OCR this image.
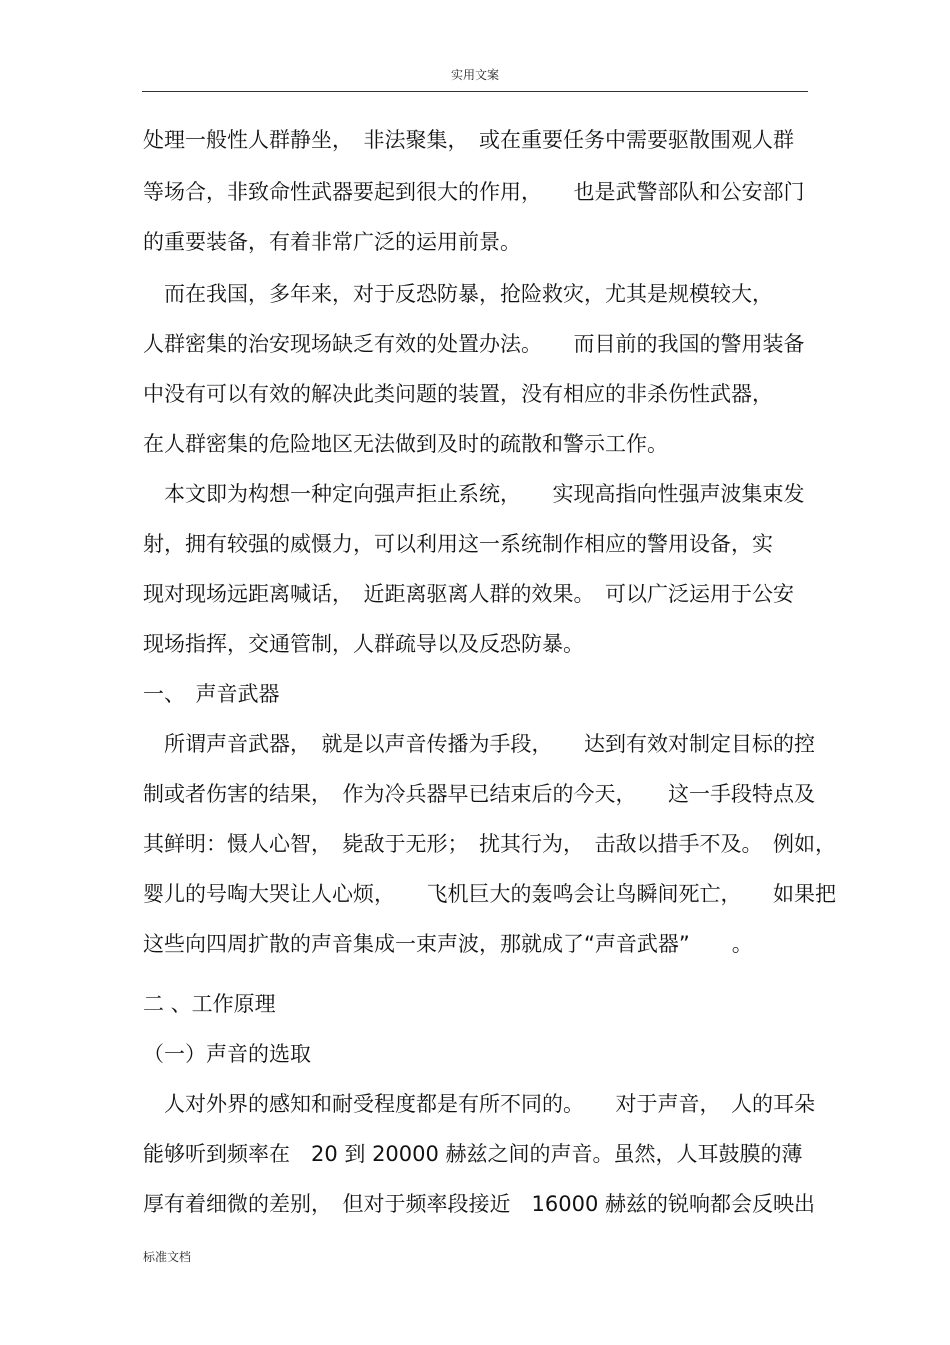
实用文案
处理一般性人群静坐，　非法聚集，　或在重要任务中需要驱散围观人群
等场合，非致命性武器要起到很大的作用，　　也是武警部队和公安部门
的重要装备，有着非常广泛的运用前景。
　而在我国，多年来，对于反恐防暴，抢险救灾，尤其是规模较大，
人群密集的治安现场缺乏有效的处置办法。　　而目前的我国的警用装备
中没有可以有效的解决此类问题的装置，没有相应的非杀伤性武器，
在人群密集的危险地区无法做到及时的疏散和警示工作。
　本文即为构想一种定向强声拒止系统，　　实现高指向性强声波集束发
射，拥有较强的威慑力，可以利用这一系统制作相应的警用设备，实
现对现场远距离喊话，　近距离驱离人群的效果。　可以广泛运用于公安
现场指挥，交通管制，人群疏导以及反恐防暴。
一、　声音武器
　所谓声音武器，　就是以声音传播为手段，　　达到有效对制定目标的控
制或者伤害的结果，　作为冷兵器早已结束后的今天，　　这一手段特点及
其鲜明：慑人心智，　毙敌于无形；　扰其行为，　击敌以措手不及。　例如，
婴儿的号啕大哭让人心烦，　　飞机巨大的轰鸣会让鸟瞬间死亡，　　如果把
这些向四周扩散的声音集成一束声波，那就成了“声音武器”　　。
二 、工作原理
（一）声音的选取
　人对外界的感知和耐受程度都是有所不同的。　　对于声音，　人的耳朵
能够听到频率在　20 到 20000 赫兹之间的声音。虽然，人耳鼓膜的薄
厚有着细微的差别，　但对于频率段接近　16000 赫兹的锐响都会反映出
标准文档
